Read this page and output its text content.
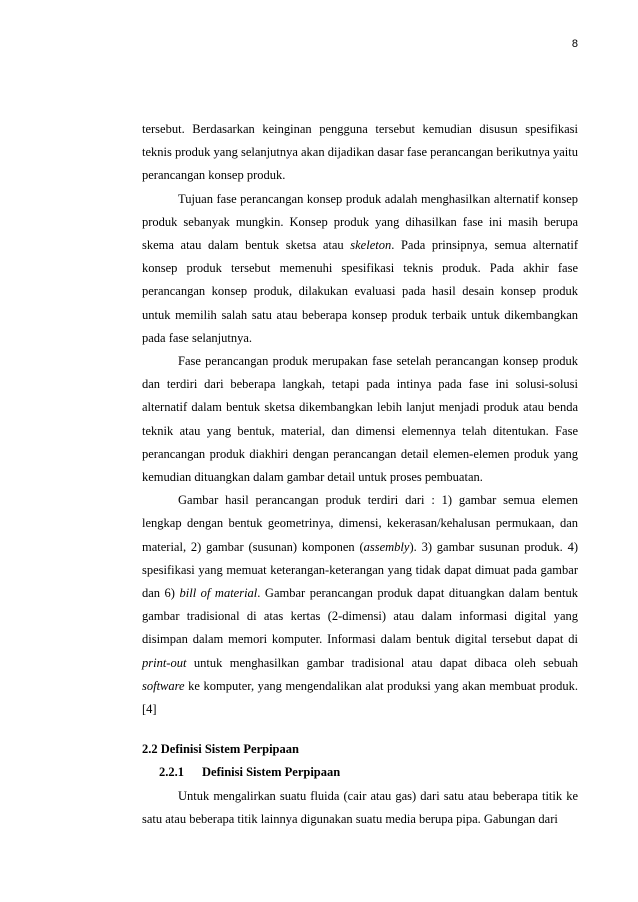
8

tersebut. Berdasarkan keinginan pengguna tersebut kemudian disusun spesifikasi teknis produk yang selanjutnya akan dijadikan dasar fase perancangan berikutnya yaitu perancangan konsep produk.

Tujuan fase perancangan konsep produk adalah menghasilkan alternatif konsep produk sebanyak mungkin. Konsep produk yang dihasilkan fase ini masih berupa skema atau dalam bentuk sketsa atau skeleton. Pada prinsipnya, semua alternatif konsep produk tersebut memenuhi spesifikasi teknis produk. Pada akhir fase perancangan konsep produk, dilakukan evaluasi pada hasil desain konsep produk untuk memilih salah satu atau beberapa konsep produk terbaik untuk dikembangkan pada fase selanjutnya.

Fase perancangan produk merupakan fase setelah perancangan konsep produk dan terdiri dari beberapa langkah, tetapi pada intinya pada fase ini solusi-solusi alternatif dalam bentuk sketsa dikembangkan lebih lanjut menjadi produk atau benda teknik atau yang bentuk, material, dan dimensi elemennya telah ditentukan. Fase perancangan produk diakhiri dengan perancangan detail elemen-elemen produk yang kemudian dituangkan dalam gambar detail untuk proses pembuatan.

Gambar hasil perancangan produk terdiri dari : 1) gambar semua elemen lengkap dengan bentuk geometrinya, dimensi, kekerasan/kehalusan permukaan, dan material, 2) gambar (susunan) komponen (assembly). 3) gambar susunan produk. 4) spesifikasi yang memuat keterangan-keterangan yang tidak dapat dimuat pada gambar dan 6) bill of material. Gambar perancangan produk dapat dituangkan dalam bentuk gambar tradisional di atas kertas (2-dimensi) atau dalam informasi digital yang disimpan dalam memori komputer. Informasi dalam bentuk digital tersebut dapat di print-out untuk menghasilkan gambar tradisional atau dapat dibaca oleh sebuah software ke komputer, yang mengendalikan alat produksi yang akan membuat produk. [4]

2.2 Definisi Sistem Perpipaan
2.2.1 Definisi Sistem Perpipaan

Untuk mengalirkan suatu fluida (cair atau gas) dari satu atau beberapa titik ke satu atau beberapa titik lainnya digunakan suatu media berupa pipa. Gabungan dari
